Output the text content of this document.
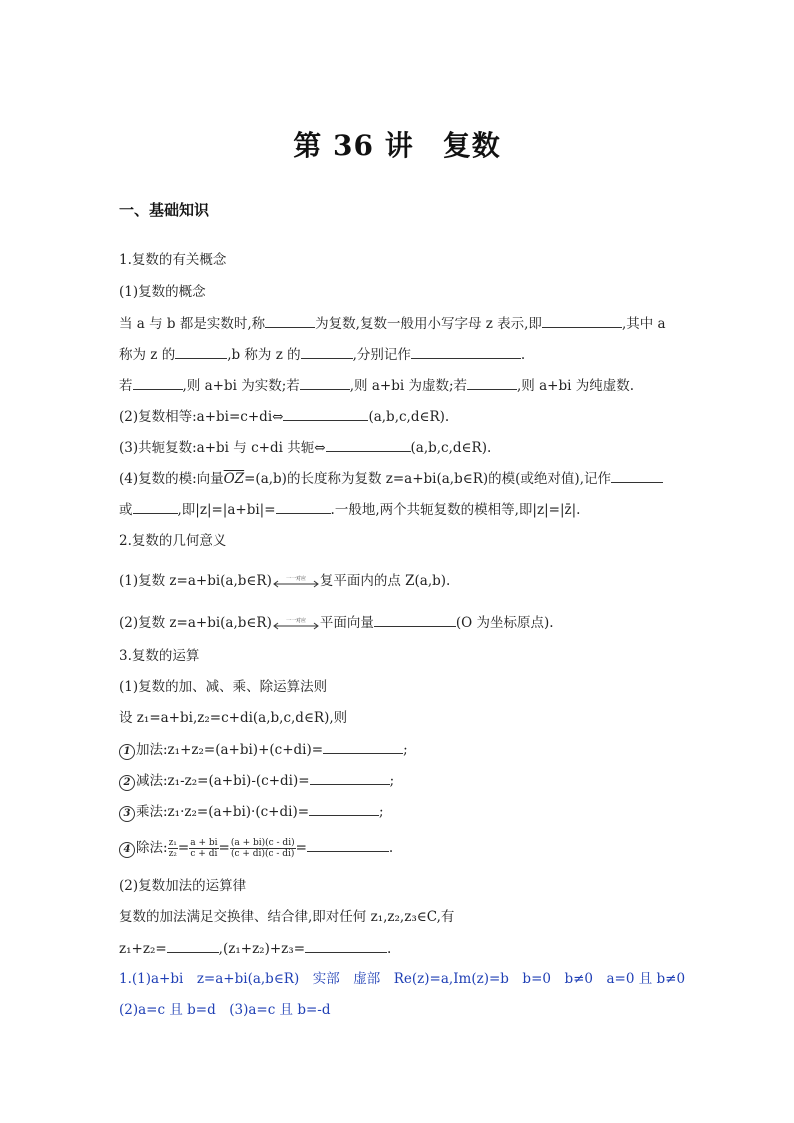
第 36 讲　复数
一、基础知识
1.复数的有关概念
(1)复数的概念
当 a 与 b 都是实数时,称	为复数,复数一般用小写字母 z 表示,即	,其中 a
称为 z 的	,b 称为 z 的	,分别记作	.
若	,则 a+bi 为实数;若	,则 a+bi 为虚数;若	,则 a+bi 为纯虚数.
(2)复数相等:a+bi=c+di⇔	(a,b,c,d∈R).
(3)共轭复数:a+bi 与 c+di 共轭⇔	(a,b,c,d∈R).
(4)复数的模:向量$\overline{OZ}=(a,b)$的长度称为复数 z=a+bi(a,b∈R)的模(或绝对值),记作
或	,即|z|=|a+bi|=	.一般地,两个共轭复数的模相等,即|z|=|z̄|.
2.复数的几何意义
(1)复数 z=a+bi(a,b∈R)	一一对应 复平面内的点 Z(a,b).
(2)复数 z=a+bi(a,b∈R)	一一对应 平面向量	(O 为坐标原点).
3.复数的运算
(1)复数的加、减、乘、除运算法则
设 z₁=a+bi,z₂=c+di(a,b,c,d∈R),则
1 加法:z₁+z₂=(a+bi)+(c+di)=	;
2 减法:z₁-z₂=(a+bi)-(c+di)=	;
3 乘法:z₁·z₂=(a+bi)·(c+di)=	;
4 除法: $\frac{\text{z₁}}{\text{z₂}} = \frac{a + bi}{c + di} = \frac{(a + bi)(c - di)}{(c + di)(c - di)}$ =	.
(2)复数加法的运算律
复数的加法满足交换律、结合律,即对任何 z₁,z₂,z₃∈C,有
z₁+z₂=	,(z₁+z₂)+z₃=	.
1.(1)a+bi　z=a+bi(a,b∈R)　实部　虚部　Re(z)=a,Im(z)=b　b=0　b≠0　a=0 且 b≠0
(2)a=c 且 b=d　(3)a=c 且 b=-d
